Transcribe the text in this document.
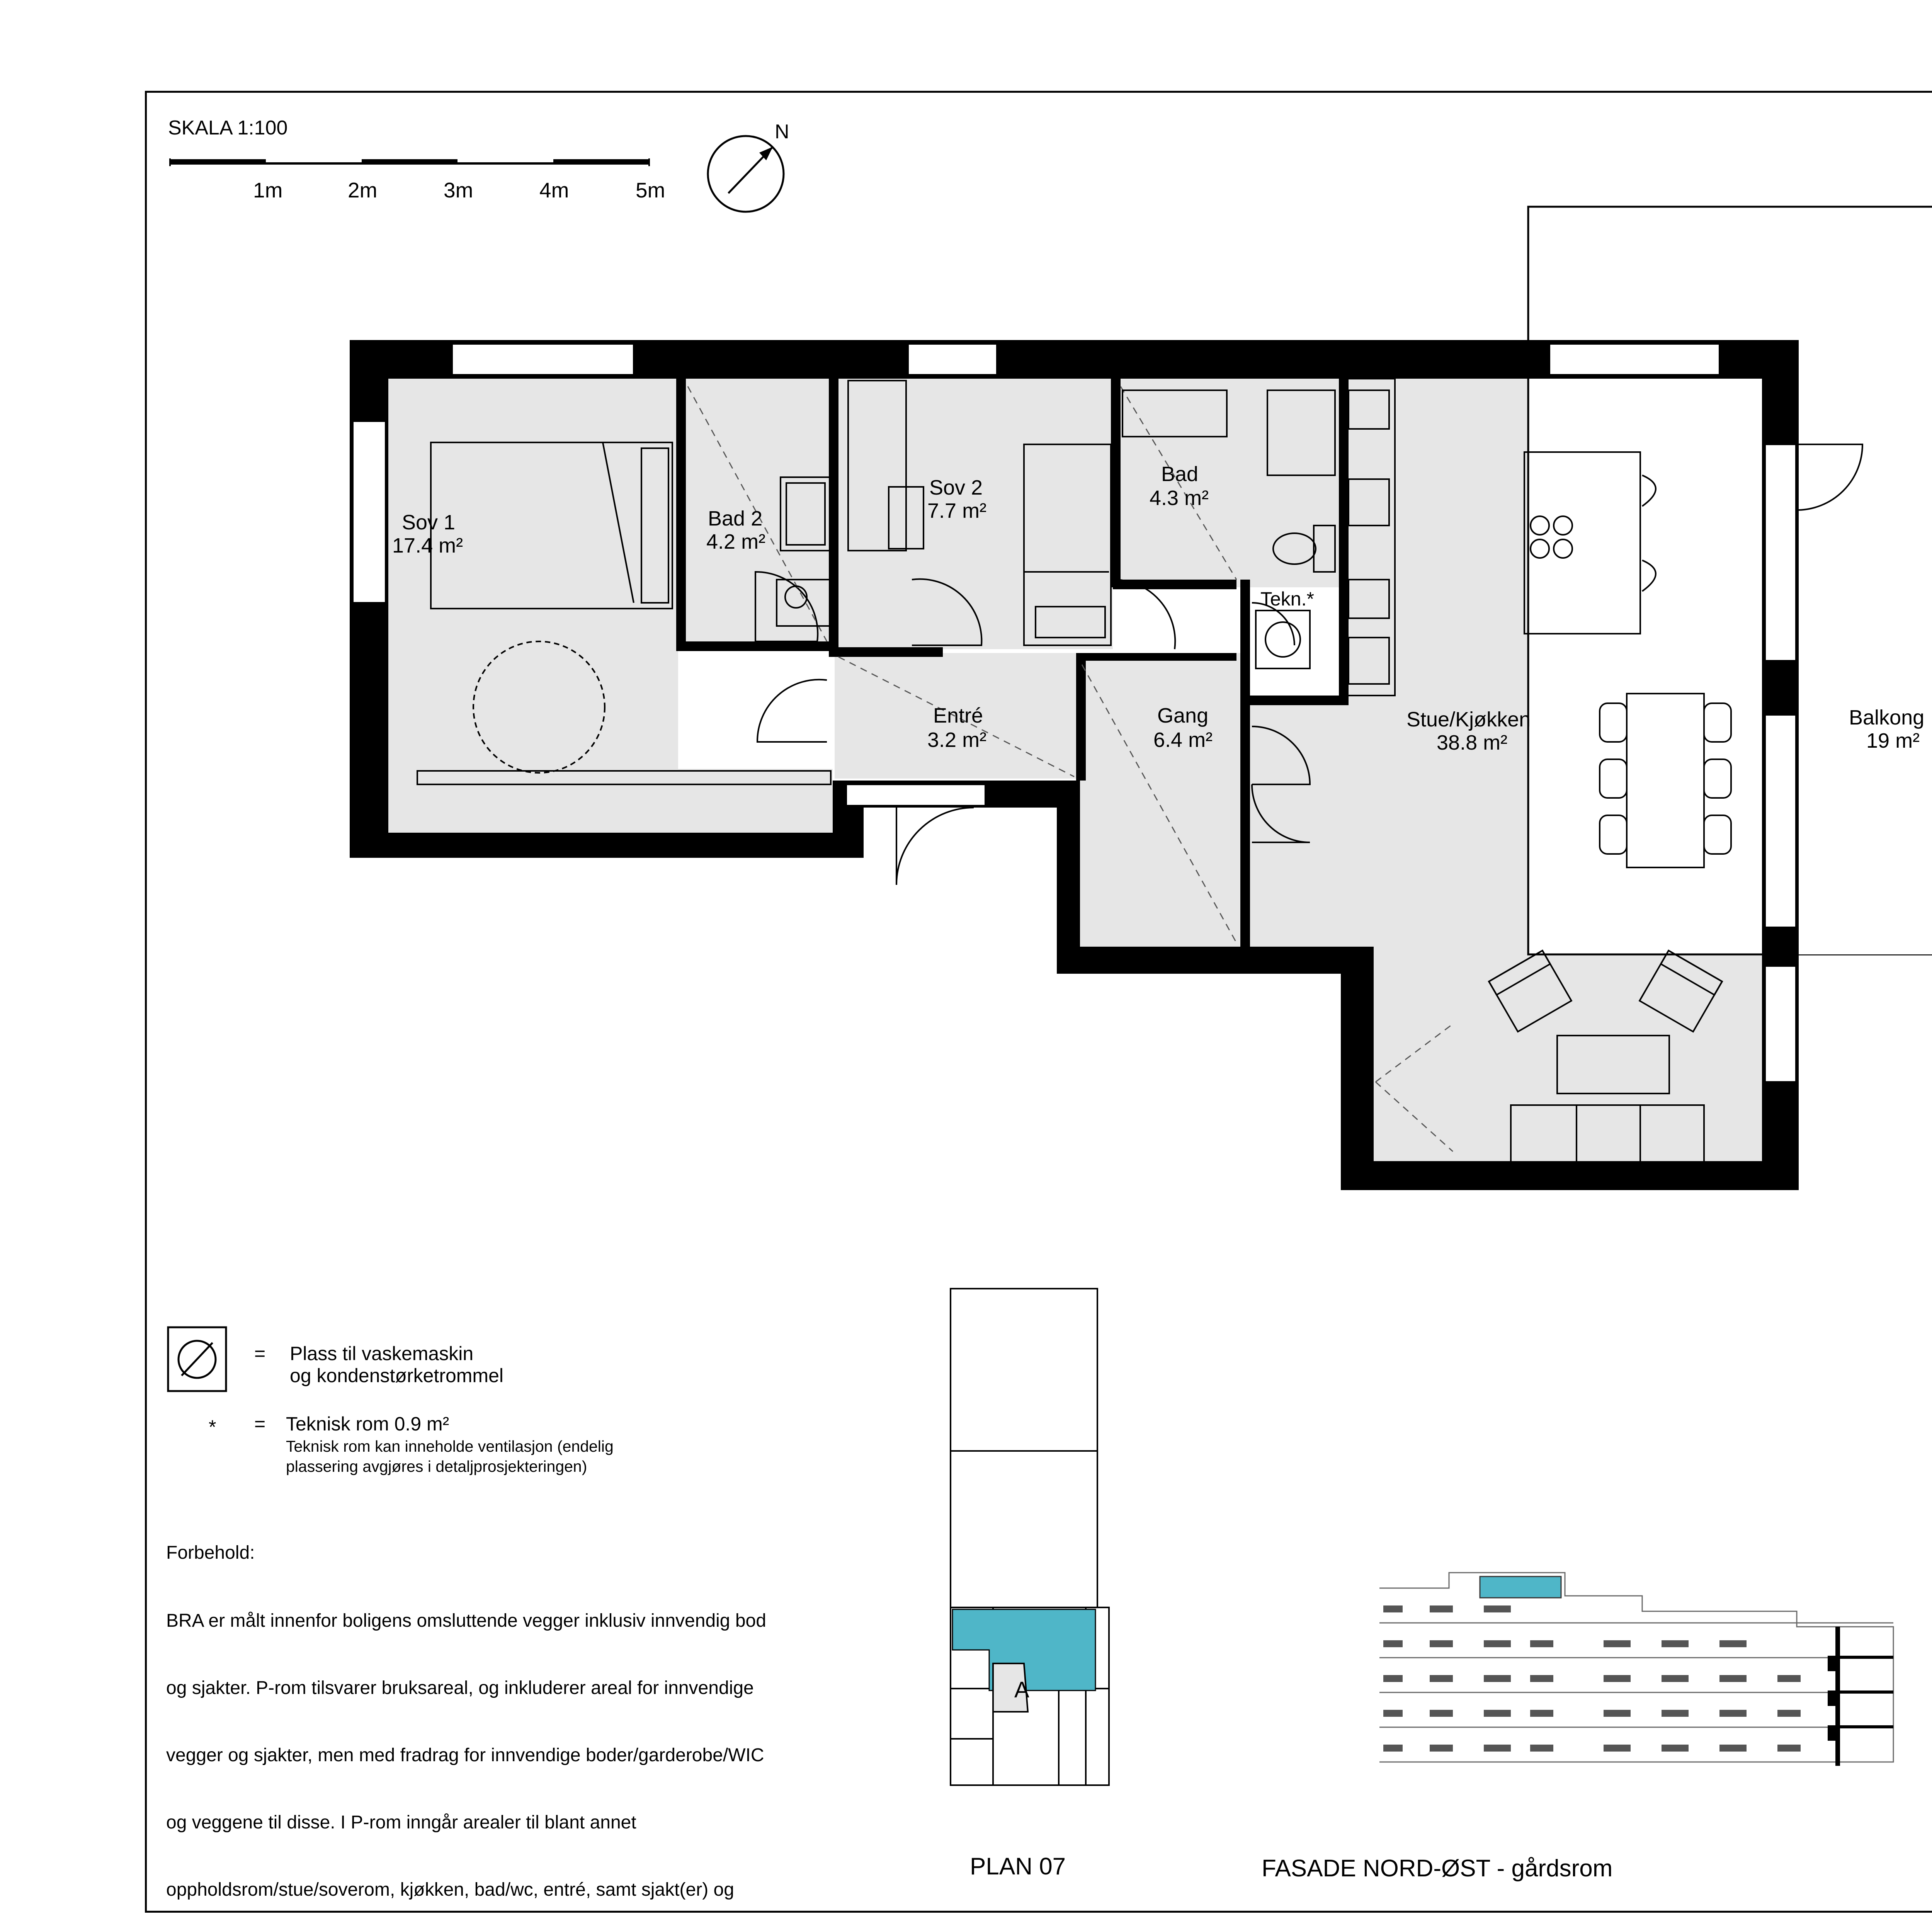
SKALA 1:100
1m	2m	3m	4m	5m
N
Sov 1
17.4 m²
Bad 2
4.2 m²
Sov 2
7.7 m²
Bad
4.3 m²
Tekn.*
Entré
3.2 m²
Gang
6.4 m²
Stue/Kjøkken
38.8 m²
Balkong
19 m²
= Plass til vaskemaskin
og kondenstørketrommel
* = Teknisk rom 0.9 m²
Teknisk rom kan inneholde ventilasjon (endelig
plassering avgjøres i detaljprosjekteringen)
Forbehold:

BRA er målt innenfor boligens omsluttende vegger inklusiv innvendig bod

og sjakter. P-rom tilsvarer bruksareal, og inkluderer areal for innvendige

vegger og sjakter, men med fradrag for innvendige boder/garderobe/WIC

og veggene til disse. I P-rom inngår arealer til blant annet

oppholdsrom/stue/soverom, kjøkken, bad/wc, entré, samt sjakt(er) og

A
PLAN 07	FASADE NORD-ØST - gårdsrom
